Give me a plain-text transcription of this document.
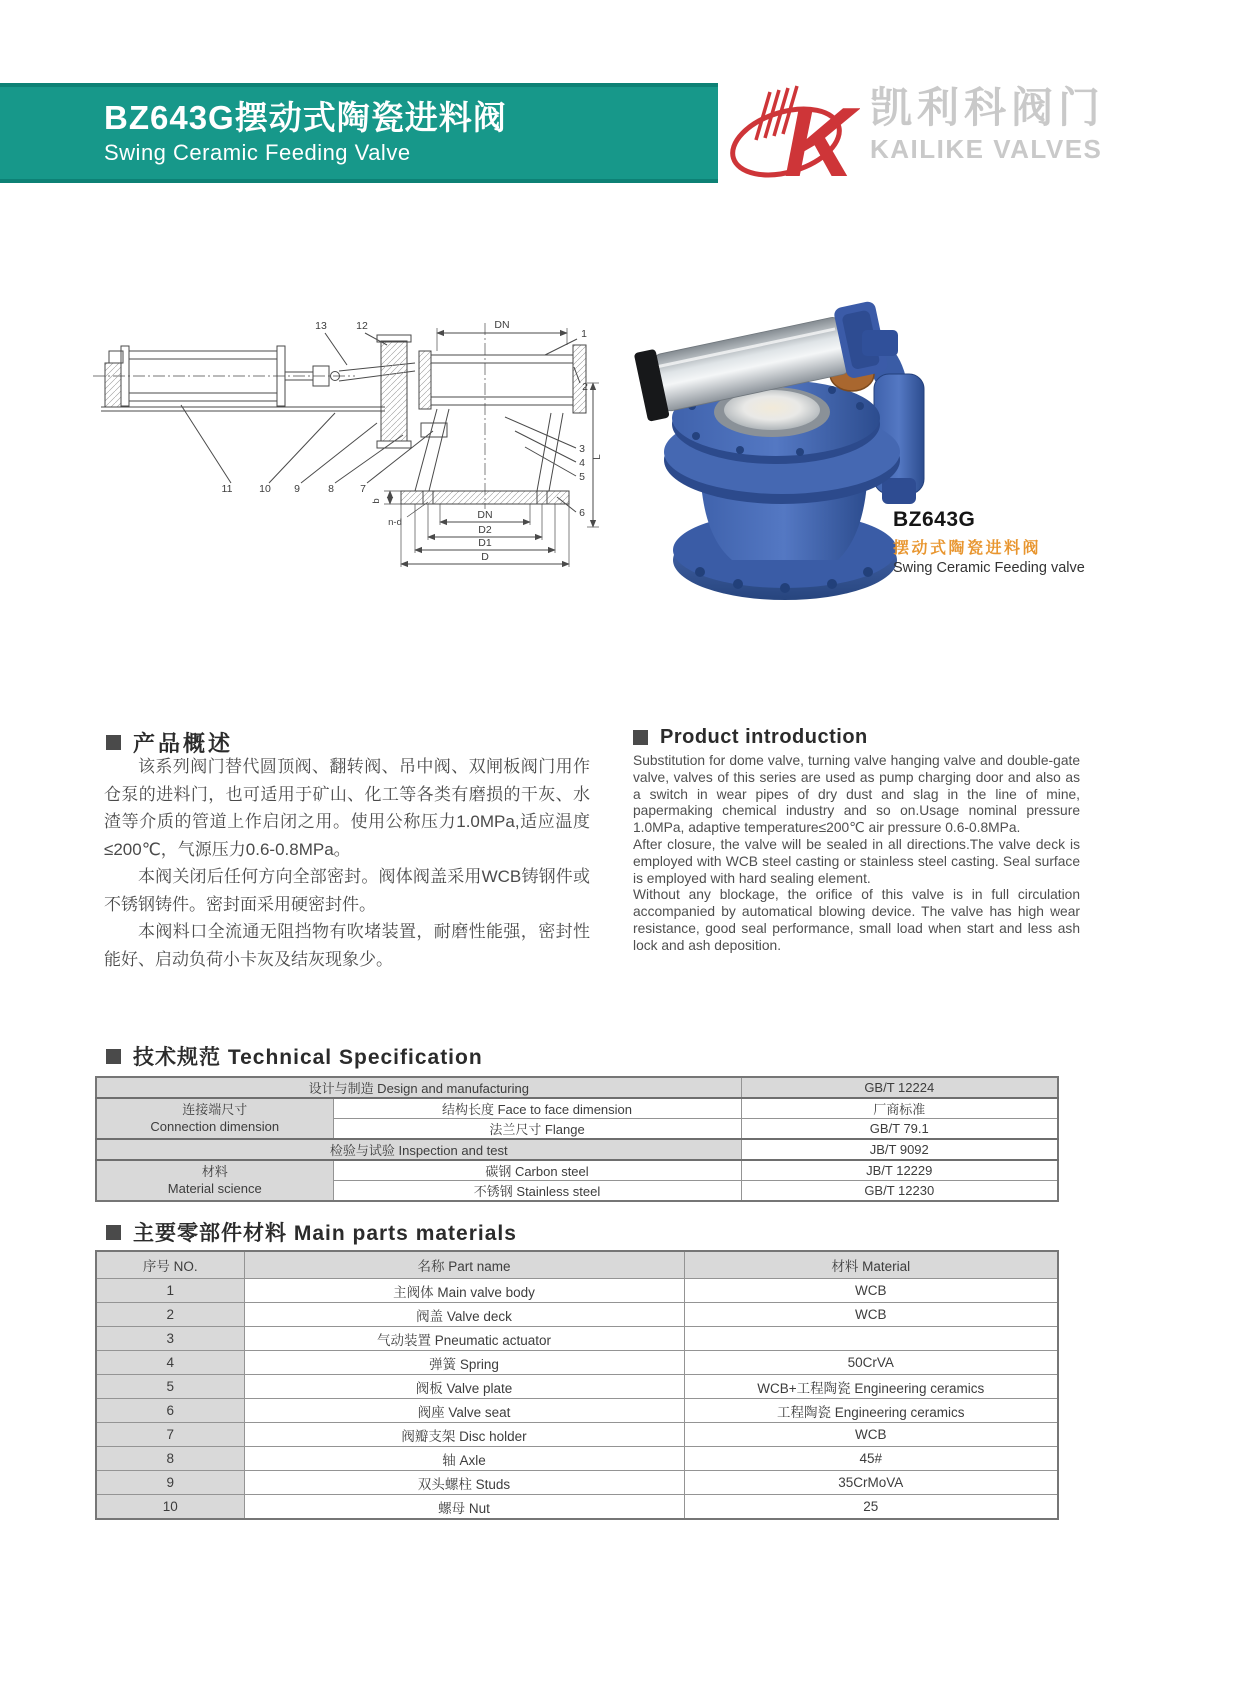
BZ643G摆动式陶瓷进料阀
Swing Ceramic Feeding Valve	K 凯利科阀门
KAILIKE VALVES
13	12	DN
1
2
3
4
5
6
11	10 9	8 7
DN
D2
D1
D
b
n-d
L
BZ643G
摆动式陶瓷进料阀
Swing Ceramic Feeding valve
产品概述

该系列阀门替代圆顶阀、翻转阀、吊中阀、双闸板阀门用作仓泵的进料门，也可适用于矿山、化工等各类有磨损的干灰、水渣等介质的管道上作启闭之用。使用公称压力1.0MPa,适应温度≤200℃，气源压力0.6-0.8MPa。

本阀关闭后任何方向全部密封。阀体阀盖采用WCB铸钢件或不锈钢铸件。密封面采用硬密封件。

本阀料口全流通无阻挡物有吹堵装置，耐磨性能强，密封性能好、启动负荷小卡灰及结灰现象少。

Product introduction

Substitution for dome valve, turning valve hanging valve and double-gate valve, valves of this series are used as pump charging door and also as a switch in wear pipes of dry dust and slag in the line of mine, papermaking chemical industry and so on.Usage nominal pressure 1.0MPa, adaptive temperature≤200℃ air pressure 0.6-0.8MPa.

After closure, the valve will be sealed in all directions.The valve deck is employed with WCB steel casting or stainless steel casting. Seal surface is employed with hard sealing element.

Without any blockage, the orifice of this valve is in full circulation accompanied by automatical blowing device. The valve has high wear resistance, good seal performance, small load when start and less ash lock and ash deposition.

技术规范 Technical Specification
设计与制造 Design and manufacturing		GB/T 12224

连接端尺寸
Connection dimension	结构长度 Face to face dimension	厂商标准
	法兰尺寸 Flange	GB/T 79.1
检验与试验 Inspection and test		JB/T 9092

材料
Material science	碳钢 Carbon steel	JB/T 12229
	不锈钢 Stainless steel	GB/T 12230
主要零部件材料 Main parts materials
序号 NO.	名称 Part name	材料 Material
1	主阀体 Main valve body	WCB
2	阀盖 Valve deck	WCB
3	气动装置 Pneumatic actuator	
4	弹簧 Spring	50CrVA
5	阀板 Valve plate	WCB+工程陶瓷 Engineering ceramics
6	阀座 Valve seat	工程陶瓷 Engineering ceramics
7	阀瓣支架 Disc holder	WCB
8	轴 Axle	45#
9	双头螺柱 Studs	35CrMoVA
10	螺母 Nut	25
